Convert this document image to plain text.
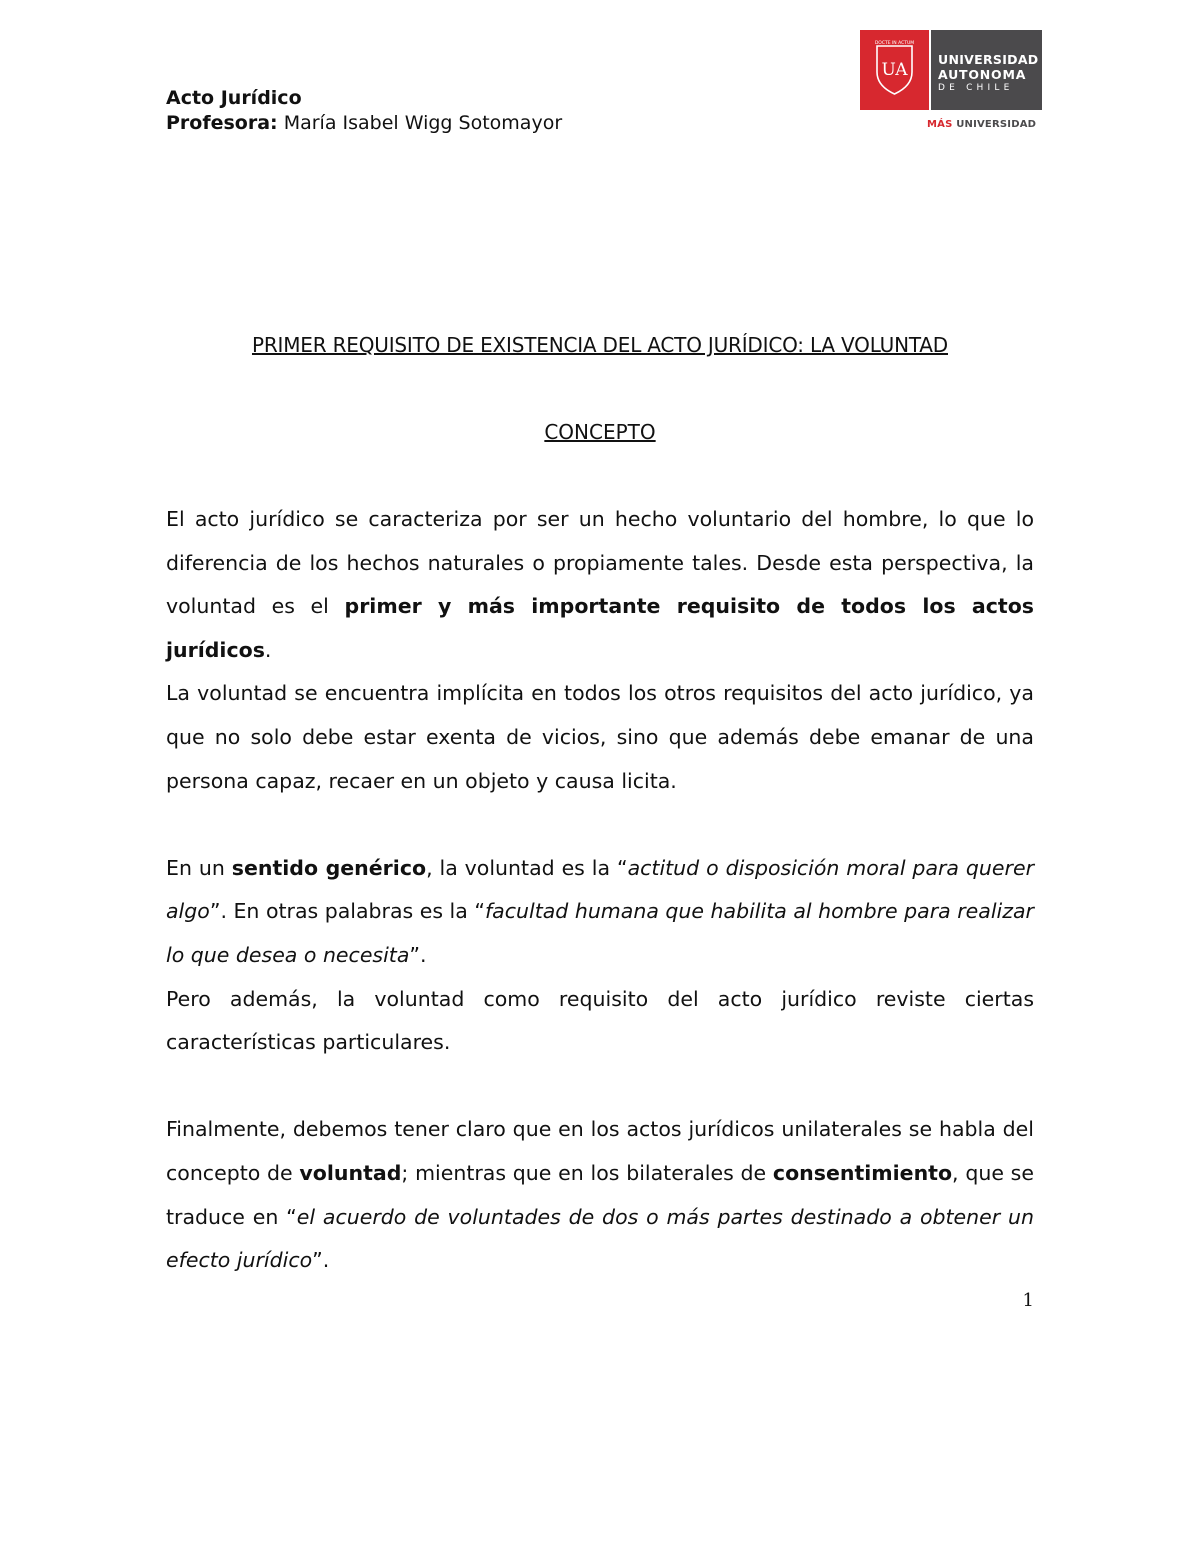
Acto Jurídico
Profesora: María Isabel Wigg Sotomayor
DOCTE IN ACTUM
UA
UNIVERSIDAD
AUTONOMA
DE CHILE
MÁS UNIVERSIDAD
PRIMER REQUISITO DE EXISTENCIA DEL ACTO JURÍDICO: LA VOLUNTAD
CONCEPTO

El acto jurídico se caracteriza por ser un hecho voluntario del hombre, lo que lo diferencia de los hechos naturales o propiamente tales. Desde esta perspectiva, la voluntad es el primer y más importante requisito de todos los actos jurídicos.

La voluntad se encuentra implícita en todos los otros requisitos del acto jurídico, ya que no solo debe estar exenta de vicios, sino que además debe emanar de una persona capaz, recaer en un objeto y causa licita.

En un sentido genérico, la voluntad es la “actitud o disposición moral para querer algo”. En otras palabras es la “facultad humana que habilita al hombre para realizar lo que desea o necesita”.

Pero además, la voluntad como requisito del acto jurídico reviste ciertas características particulares.

Finalmente, debemos tener claro que en los actos jurídicos unilaterales se habla del concepto de voluntad; mientras que en los bilaterales de consentimiento, que se traduce en “el acuerdo de voluntades de dos o más partes destinado a obtener un efecto jurídico”.

1
